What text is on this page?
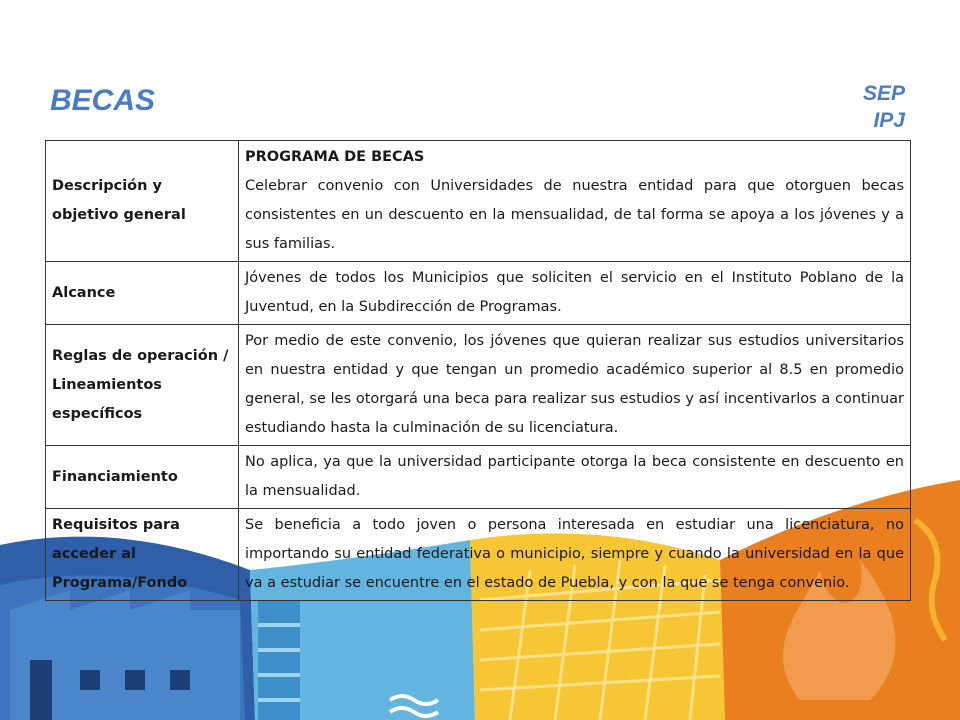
BECAS	SEP
IPJ
Descripción y objetivo general	PROGRAMA DE BECAS
Celebrar convenio con Universidades de nuestra entidad para que otorguen becas consistentes en un descuento en la mensualidad, de tal forma se apoya a los jóvenes y a sus familias.
Alcance	Jóvenes de todos los Municipios que soliciten el servicio en el Instituto Poblano de la Juventud, en la Subdirección de Programas.
Reglas de operación / Lineamientos específicos	Por medio de este convenio, los jóvenes que quieran realizar sus estudios universitarios en nuestra entidad y que tengan un promedio académico superior al 8.5 en promedio general, se les otorgará una beca para realizar sus estudios y así incentivarlos a continuar estudiando hasta la culminación de su licenciatura.
Financiamiento	No aplica, ya que la universidad participante otorga la beca consistente en descuento en la mensualidad.
Requisitos para acceder al Programa/Fondo	Se beneficia a todo joven o persona interesada en estudiar una licenciatura, no importando su entidad federativa o municipio, siempre y cuando la universidad en la que va a estudiar se encuentre en el estado de Puebla, y con la que se tenga convenio.
